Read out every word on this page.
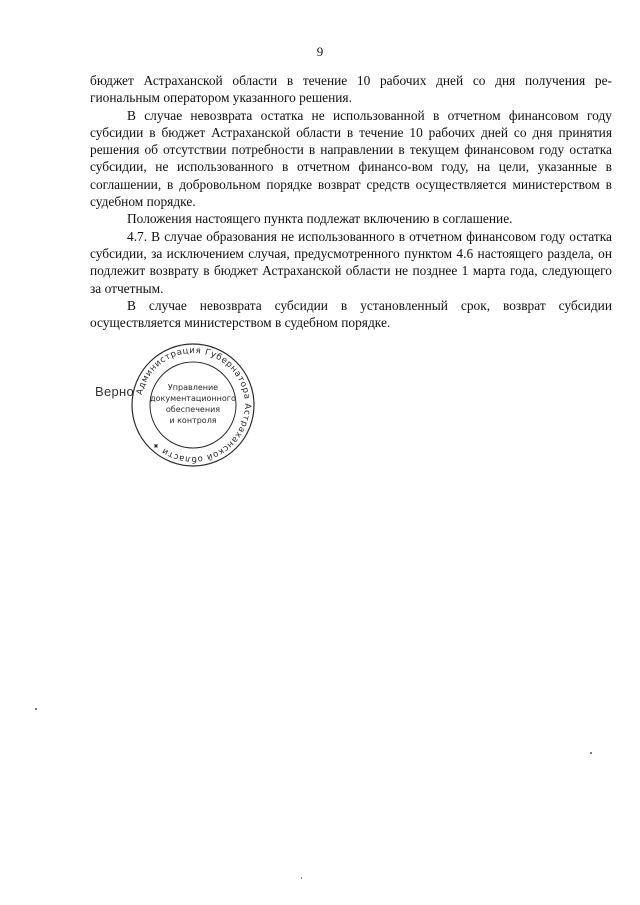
9

бюджет Астраханской области в течение 10 рабочих дней со дня получения ре-гиональным оператором указанного решения.

В случае невозврата остатка не использованной в отчетном финансовом году субсидии в бюджет Астраханской области в течение 10 рабочих дней со дня принятия решения об отсутствии потребности в направлении в текущем финансовом году остатка субсидии, не использованного в отчетном финансо-вом году, на цели, указанные в соглашении, в добровольном порядке возврат средств осуществляется министерством в судебном порядке.

Положения настоящего пункта подлежат включению в соглашение.

4.7. В случае образования не использованного в отчетном финансовом году остатка субсидии, за исключением случая, предусмотренного пунктом 4.6 настоящего раздела, он подлежит возврату в бюджет Астраханской области не позднее 1 марта года, следующего за отчетным.

В случае невозврата субсидии в установленный срок, возврат субсидии осуществляется министерством в судебном порядке.

Верно Администрация Губернатора Астраханской области ✦
Управление
документационного
обеспечения
и контроля
